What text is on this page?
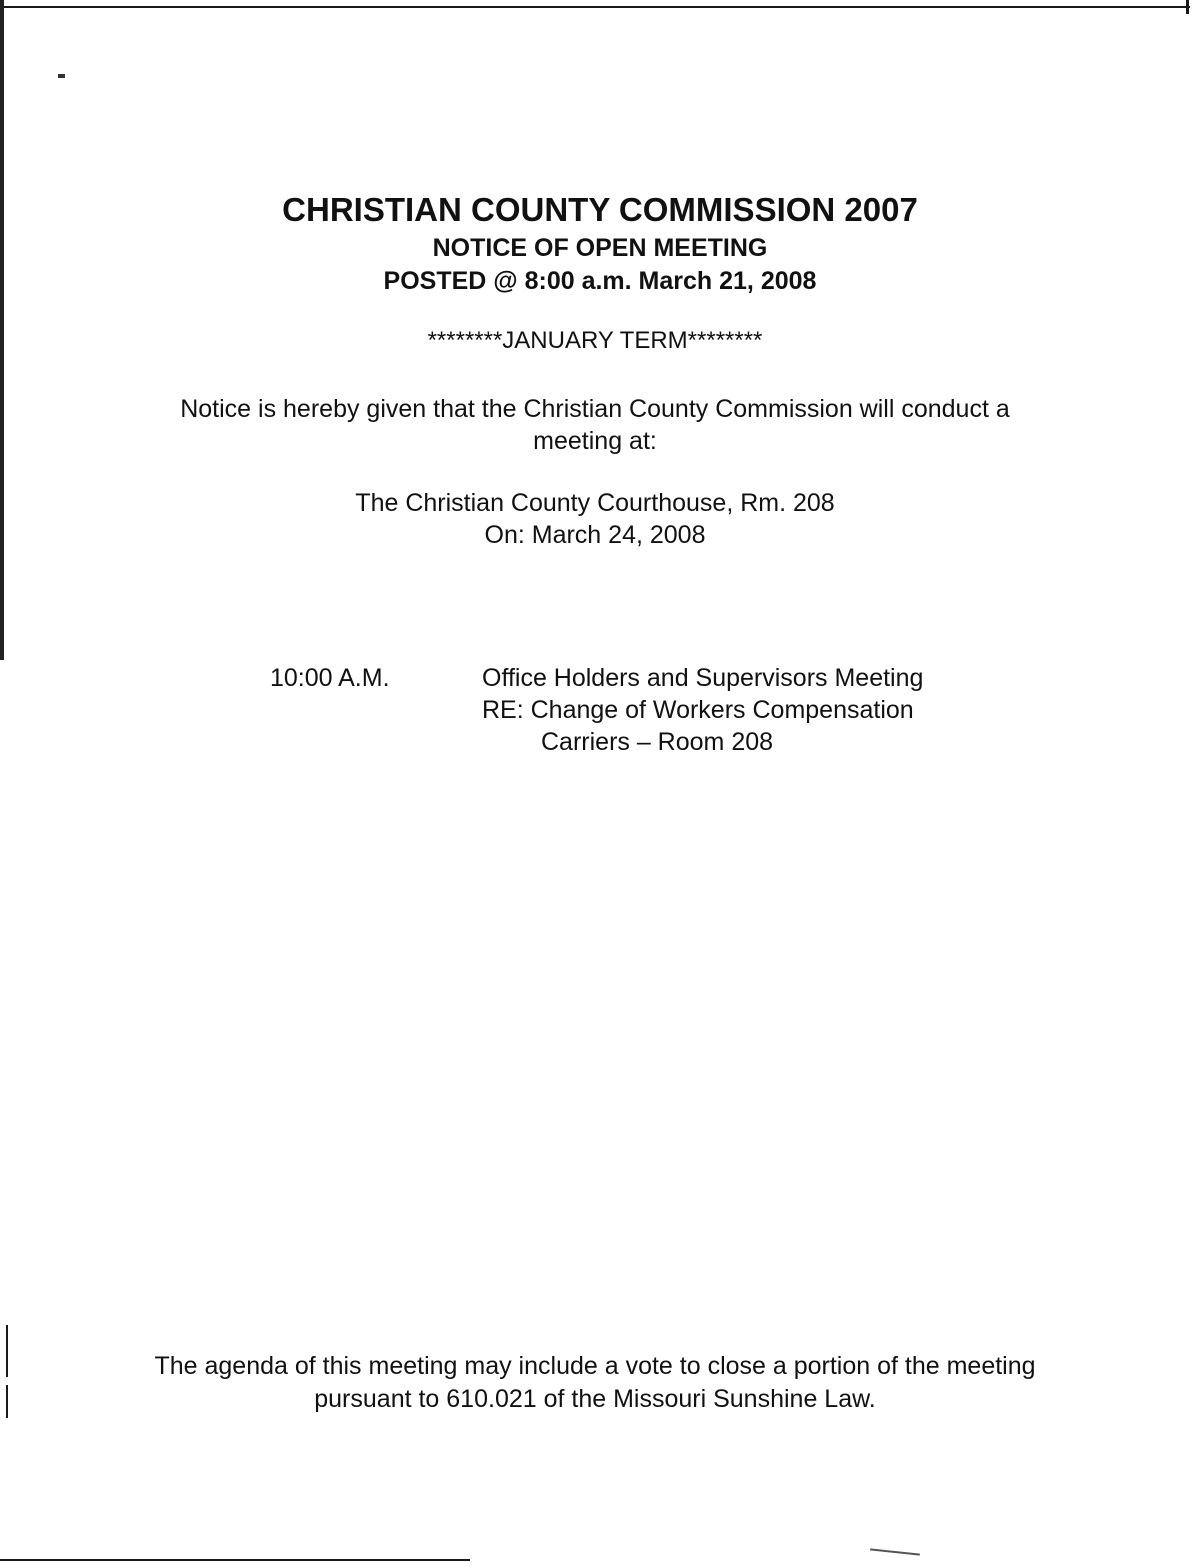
CHRISTIAN COUNTY COMMISSION 2007

NOTICE OF OPEN MEETING

POSTED @ 8:00 a.m. March 21, 2008

********JANUARY TERM********
Notice is hereby given that the Christian County Commission will conduct a
meeting at:
The Christian County Courthouse, Rm. 208
On: March 24, 2008
10:00 A.M.	Office Holders and Supervisors Meeting
RE: Change of Workers Compensation
Carriers – Room 208
The agenda of this meeting may include a vote to close a portion of the meeting
pursuant to 610.021 of the Missouri Sunshine Law.
